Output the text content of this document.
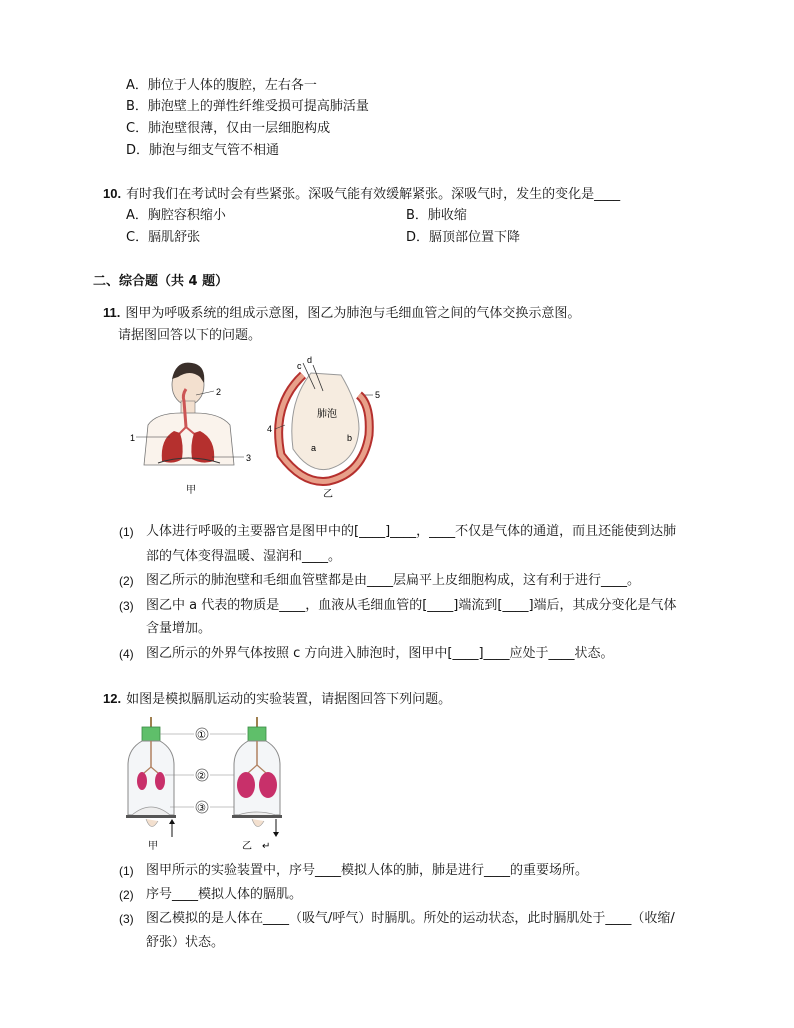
A．肺位于人体的腹腔，左右各一
B．肺泡壁上的弹性纤维受损可提高肺活量
C．肺泡壁很薄，仅由一层细胞构成
D．肺泡与细支气管不相通
10. 有时我们在考试时会有些紧张。深吸气能有效缓解紧张。深吸气时，发生的变化是____
A．胸腔容积缩小	B．肺收缩
C．膈肌舒张	D．膈顶部位置下降
二、综合题（共 4 题）
11. 图甲为呼吸系统的组成示意图，图乙为肺泡与毛细血管之间的气体交换示意图。
请据图回答以下的问题。
1
2
3
甲
肺泡
c
d
4
5
a
b
乙
(1) 人体进行呼吸的主要器官是图甲中的[____]____，____不仅是气体的通道，而且还能使到达肺
部的气体变得温暖、湿润和____。
(2) 图乙所示的肺泡壁和毛细血管壁都是由____层扁平上皮细胞构成，这有利于进行____。
(3) 图乙中 a 代表的物质是____，血液从毛细血管的[____]端流到[____]端后，其成分变化是气体
含量增加。
(4) 图乙所示的外界气体按照 c 方向进入肺泡时，图甲中[____]____应处于____状态。
12. 如图是模拟膈肌运动的实验装置，请据图回答下列问题。
甲
①
②
③
乙 ↵
(1) 图甲所示的实验装置中，序号____模拟人体的肺，肺是进行____的重要场所。
(2) 序号____模拟人体的膈肌。
(3) 图乙模拟的是人体在____（吸气/呼气）时膈肌。所处的运动状态，此时膈肌处于____（收缩/
舒张）状态。
